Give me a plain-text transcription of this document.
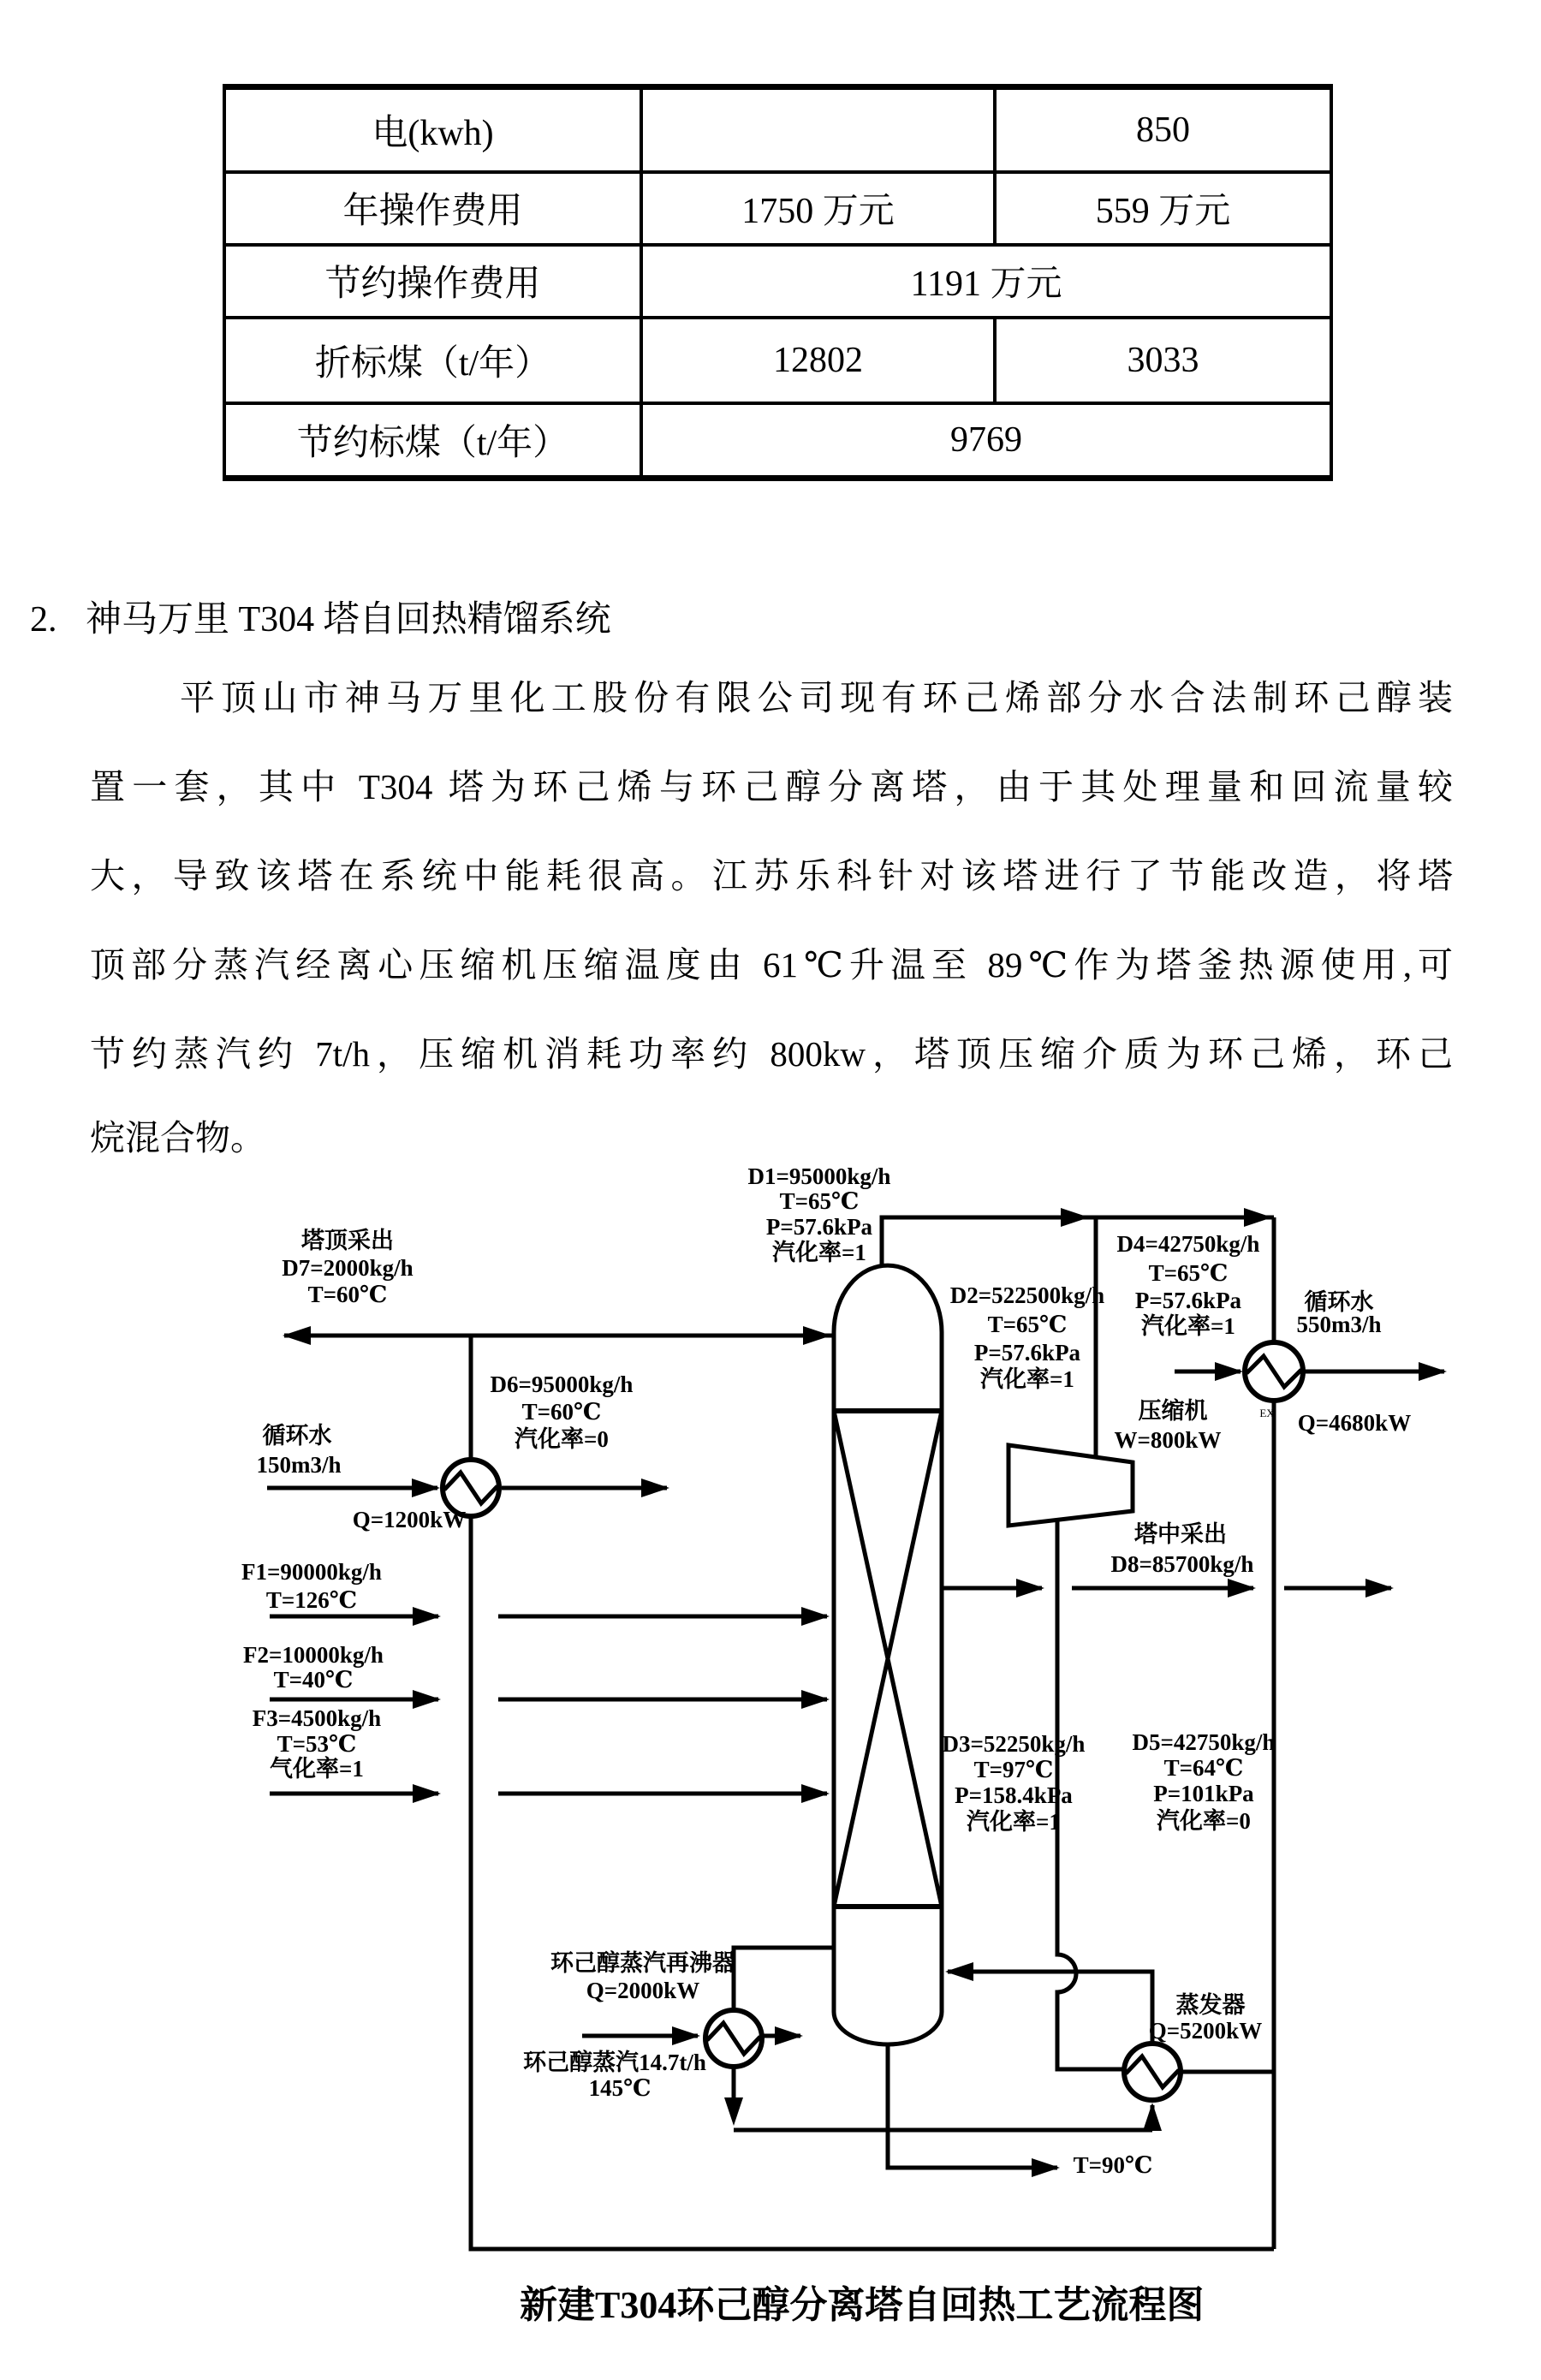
电(kwh)		850
年操作费用	1750 万元	559 万元
节约操作费用	1191 万元	
折标煤（t/年）	12802	3033
节约标煤（t/年）	9769	
2. 神马万里 T304 塔自回热精馏系统
平顶山市神马万里化工股份有限公司现有环己烯部分水合法制环己醇装
置一套，其中 T304 塔为环己烯与环己醇分离塔，由于其处理量和回流量较
大，导致该塔在系统中能耗很高。江苏乐科针对该塔进行了节能改造，将塔
顶部分蒸汽经离心压缩机压缩温度由 61℃升温至 89℃作为塔釜热源使用,可
节约蒸汽约 7t/h，压缩机消耗功率约 800kw，塔顶压缩介质为环己烯，环己
烷混合物。
塔顶采出
D7=2000kg/h
T=60℃
D1=95000kg/h
T=65℃
P=57.6kPa
汽化率=1
D2=522500kg/h
T=65℃
P=57.6kPa
汽化率=1
D4=42750kg/h
T=65℃
P=57.6kPa
汽化率=1
D6=95000kg/h
T=60℃
汽化率=0
循环水
150m3/h
Q=1200kW
F1=90000kg/h
T=126℃
F2=10000kg/h
T=40℃
F3=4500kg/h
T=53℃
气化率=1
压缩机
W=800kW
循环水
550m3/h
Q=4680kW
EX
塔中采出
D8=85700kg/h
D3=52250kg/h
T=97℃
P=158.4kPa
汽化率=1
D5=42750kg/h
T=64℃
P=101kPa
汽化率=0
环己醇蒸汽再沸器
Q=2000kW
环己醇蒸汽14.7t/h
145℃
蒸发器
Q=5200kW
T=90℃
新建T304环己醇分离塔自回热工艺流程图
